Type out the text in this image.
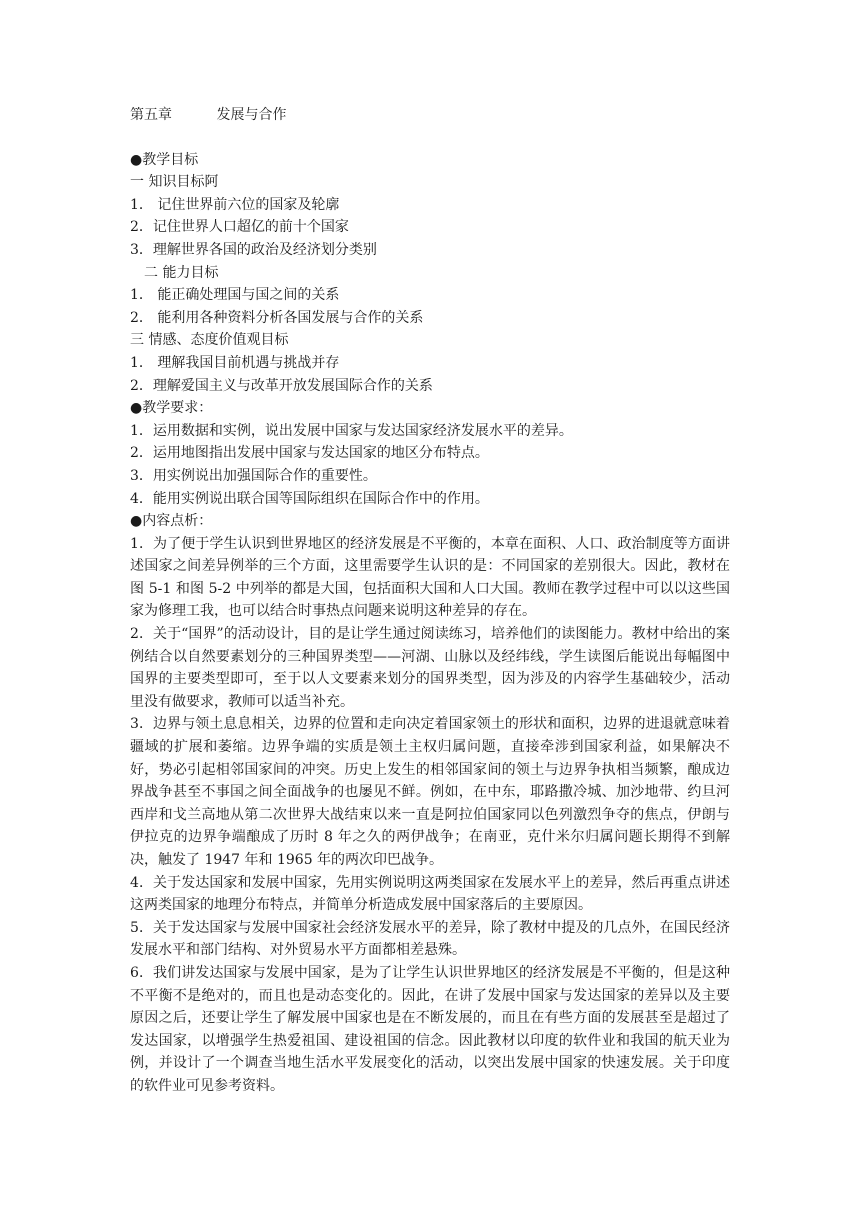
第五章          发展与合作
●教学目标
一 知识目标阿
1． 记住世界前六位的国家及轮廓
2．记住世界人口超亿的前十个国家
3．理解世界各国的政治及经济划分类别
二 能力目标
1． 能正确处理国与国之间的关系
2． 能利用各种资料分析各国发展与合作的关系
三 情感、态度价值观目标
1． 理解我国目前机遇与挑战并存
2．理解爱国主义与改革开放发展国际合作的关系
●教学要求：
1．运用数据和实例，说出发展中国家与发达国家经济发展水平的差异。
2．运用地图指出发展中国家与发达国家的地区分布特点。
3．用实例说出加强国际合作的重要性。
4．能用实例说出联合国等国际组织在国际合作中的作用。
●内容点析：
1．为了便于学生认识到世界地区的经济发展是不平衡的，本章在面积、人口、政治制度等方面讲述国家之间差异例举的三个方面，这里需要学生认识的是：不同国家的差别很大。因此，教材在图 5-1 和图 5-2 中列举的都是大国，包括面积大国和人口大国。教师在教学过程中可以以这些国家为修理工我，也可以结合时事热点问题来说明这种差异的存在。
2．关于“国界”的活动设计，目的是让学生通过阅读练习，培养他们的读图能力。教材中给出的案例结合以自然要素划分的三种国界类型——河湖、山脉以及经纬线，学生读图后能说出每幅图中国界的主要类型即可，至于以人文要素来划分的国界类型，因为涉及的内容学生基础较少，活动里没有做要求，教师可以适当补充。
3．边界与领土息息相关，边界的位置和走向决定着国家领土的形状和面积，边界的进退就意味着疆域的扩展和萎缩。边界争端的实质是领土主权归属问题，直接牵涉到国家利益，如果解决不好，势必引起相邻国家间的冲突。历史上发生的相邻国家间的领土与边界争执相当频繁，酿成边界战争甚至不事国之间全面战争的也屡见不鲜。例如，在中东，耶路撒冷城、加沙地带、约旦河西岸和戈兰高地从第二次世界大战结束以来一直是阿拉伯国家同以色列激烈争夺的焦点，伊朗与伊拉克的边界争端酿成了历时 8 年之久的两伊战争；在南亚，克什米尔归属问题长期得不到解决，触发了 1947 年和 1965 年的两次印巴战争。
4．关于发达国家和发展中国家，先用实例说明这两类国家在发展水平上的差异，然后再重点讲述这两类国家的地理分布特点，并简单分析造成发展中国家落后的主要原因。
5．关于发达国家与发展中国家社会经济发展水平的差异，除了教材中提及的几点外，在国民经济发展水平和部门结构、对外贸易水平方面都相差悬殊。
6．我们讲发达国家与发展中国家，是为了让学生认识世界地区的经济发展是不平衡的，但是这种不平衡不是绝对的，而且也是动态变化的。因此，在讲了发展中国家与发达国家的差异以及主要原因之后，还要让学生了解发展中国家也是在不断发展的，而且在有些方面的发展甚至是超过了发达国家，以增强学生热爱祖国、建设祖国的信念。因此教材以印度的软件业和我国的航天业为例，并设计了一个调查当地生活水平发展变化的活动，以突出发展中国家的快速发展。关于印度的软件业可见参考资料。
